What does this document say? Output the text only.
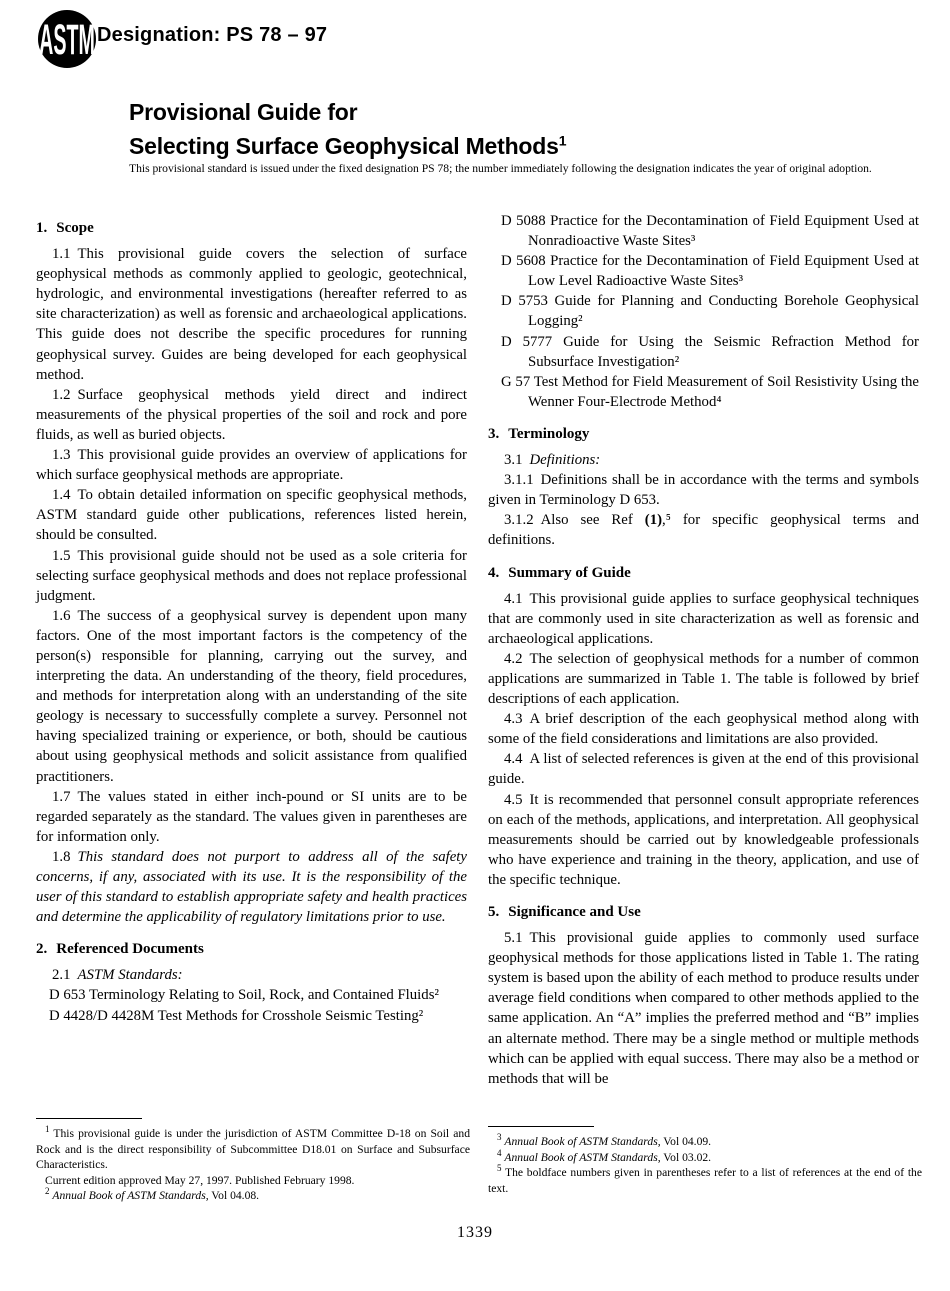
ASTM Designation: PS 78 – 97
Provisional Guide for
Selecting Surface Geophysical Methods$^1$
This provisional standard is issued under the fixed designation PS 78; the number immediately following the designation indicates the year of original adoption.

1. Scope

1.1 This provisional guide covers the selection of surface geophysical methods as commonly applied to geologic, geotechnical, hydrologic, and environmental investigations (hereafter referred to as site characterization) as well as forensic and archaeological applications. This guide does not describe the specific procedures for running geophysical survey. Guides are being developed for each geophysical method.

1.2 Surface geophysical methods yield direct and indirect measurements of the physical properties of the soil and rock and pore fluids, as well as buried objects.

1.3 This provisional guide provides an overview of applications for which surface geophysical methods are appropriate.

1.4 To obtain detailed information on specific geophysical methods, ASTM standard guide other publications, references listed herein, should be consulted.

1.5 This provisional guide should not be used as a sole criteria for selecting surface geophysical methods and does not replace professional judgment.

1.6 The success of a geophysical survey is dependent upon many factors. One of the most important factors is the competency of the person(s) responsible for planning, carrying out the survey, and interpreting the data. An understanding of the theory, field procedures, and methods for interpretation along with an understanding of the site geology is necessary to successfully complete a survey. Personnel not having specialized training or experience, or both, should be cautious about using geophysical methods and solicit assistance from qualified practitioners.

1.7 The values stated in either inch-pound or SI units are to be regarded separately as the standard. The values given in parentheses are for information only.

1.8 This standard does not purport to address all of the safety concerns, if any, associated with its use. It is the responsibility of the user of this standard to establish appropriate safety and health practices and determine the applicability of regulatory limitations prior to use.

2. Referenced Documents

2.1 ASTM Standards:

D 653 Terminology Relating to Soil, Rock, and Contained Fluids²

D 4428/D 4428M Test Methods for Crosshole Seismic Testing²

D 5088 Practice for the Decontamination of Field Equipment Used at Nonradioactive Waste Sites³

D 5608 Practice for the Decontamination of Field Equipment Used at Low Level Radioactive Waste Sites³

D 5753 Guide for Planning and Conducting Borehole Geophysical Logging²

D 5777 Guide for Using the Seismic Refraction Method for Subsurface Investigation²

G 57 Test Method for Field Measurement of Soil Resistivity Using the Wenner Four-Electrode Method⁴

3. Terminology

3.1 Definitions:

3.1.1 Definitions shall be in accordance with the terms and symbols given in Terminology D 653.

3.1.2 Also see Ref (1),⁵ for specific geophysical terms and definitions.

4. Summary of Guide

4.1 This provisional guide applies to surface geophysical techniques that are commonly used in site characterization as well as forensic and archaeological applications.

4.2 The selection of geophysical methods for a number of common applications are summarized in Table 1. The table is followed by brief descriptions of each application.

4.3 A brief description of the each geophysical method along with some of the field considerations and limitations are also provided.

4.4 A list of selected references is given at the end of this provisional guide.

4.5 It is recommended that personnel consult appropriate references on each of the methods, applications, and interpretation. All geophysical measurements should be carried out by knowledgeable professionals who have experience and training in the theory, application, and use of the specific technique.

5. Significance and Use

5.1 This provisional guide applies to commonly used surface geophysical methods for those applications listed in Table 1. The rating system is based upon the ability of each method to produce results under average field conditions when compared to other methods applied to the same application. An “A” implies the preferred method and “B” implies an alternate method. There may be a single method or multiple methods which can be applied with equal success. There may also be a method or methods that will be

$^1$ This provisional guide is under the jurisdiction of ASTM Committee D-18 on Soil and Rock and is the direct responsibility of Subcommittee D18.01 on Surface and Subsurface Characteristics.

Current edition approved May 27, 1997. Published February 1998.

$^2$ Annual Book of ASTM Standards, Vol 04.08.

$^3$ Annual Book of ASTM Standards, Vol 04.09.

$^4$ Annual Book of ASTM Standards, Vol 03.02.

$^5$ The boldface numbers given in parentheses refer to a list of references at the end of the text.

1339
